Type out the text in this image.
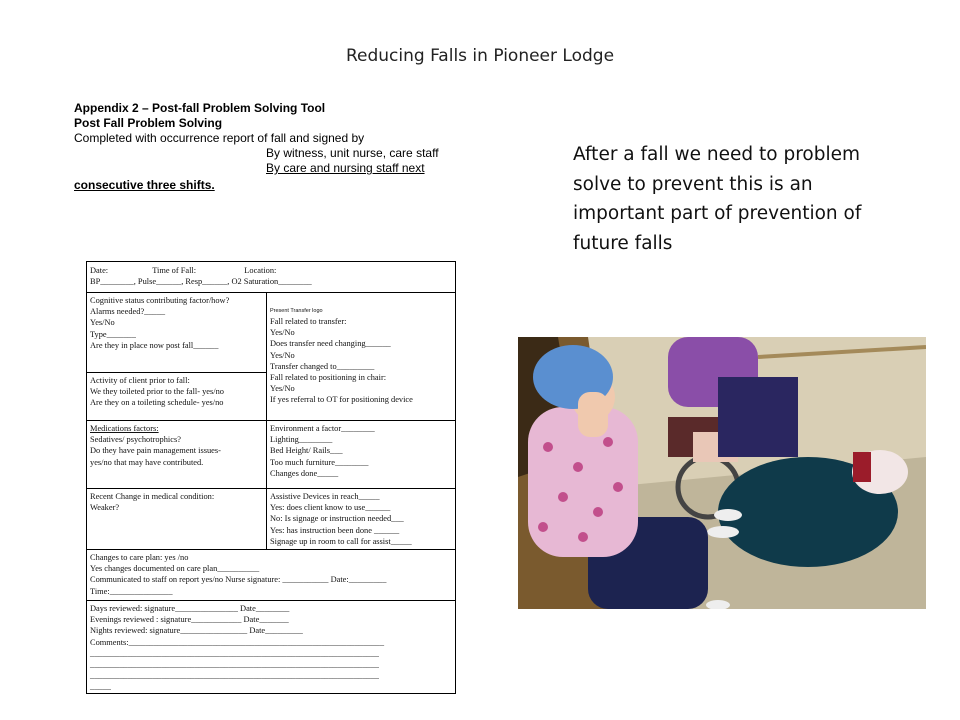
Reducing Falls in Pioneer Lodge
Appendix 2 – Post-fall Problem Solving Tool
Post Fall Problem Solving
Completed with occurrence report of fall and signed by
By witness, unit nurse, care staff
By care and nursing staff next
consecutive three shifts.
After a fall we need to problem solve to prevent this is an important part of prevention of future falls
Date:	Time of Fall:	Location:
BP________, Pulse______, Resp______, O2 Saturation________
Cognitive status contributing factor/how?
Alarms needed?_____
Yes/No
Type_______
Are they in place now post fall______
Activity of client prior to fall:
We they toileted prior to the fall- yes/no
Are they on a toileting schedule- yes/no
Present Transfer logo
Fall related to transfer:
Yes/No
Does transfer need changing______
Yes/No
Transfer changed to_________
Fall related to positioning in chair:
Yes/No
If yes referral to OT for positioning device
Medications factors:
Sedatives/ psychotrophics?
Do they have pain management issues-
yes/no that may have contributed.
Environment a factor________
Lighting________
Bed Height/ Rails___
Too much furniture________
Changes done_____
Recent Change in medical condition:
Weaker?
Assistive Devices in reach_____
Yes: does client know to use______
No: Is signage or instruction needed___
Yes: has instruction been done ______
Signage up in room to call for assist_____
Changes to care plan: yes /no
Yes changes documented on care plan__________
Communicated to staff on report yes/no Nurse signature: ___________ Date:_________
Time:_______________
Days reviewed: signature_______________ Date________
Evenings reviewed : signature____________ Date_______
Nights reviewed: signature________________ Date_________
Comments:_____________________________________________________________
_____________________________________________________________________
_____________________________________________________________________
_____________________________________________________________________
_____
